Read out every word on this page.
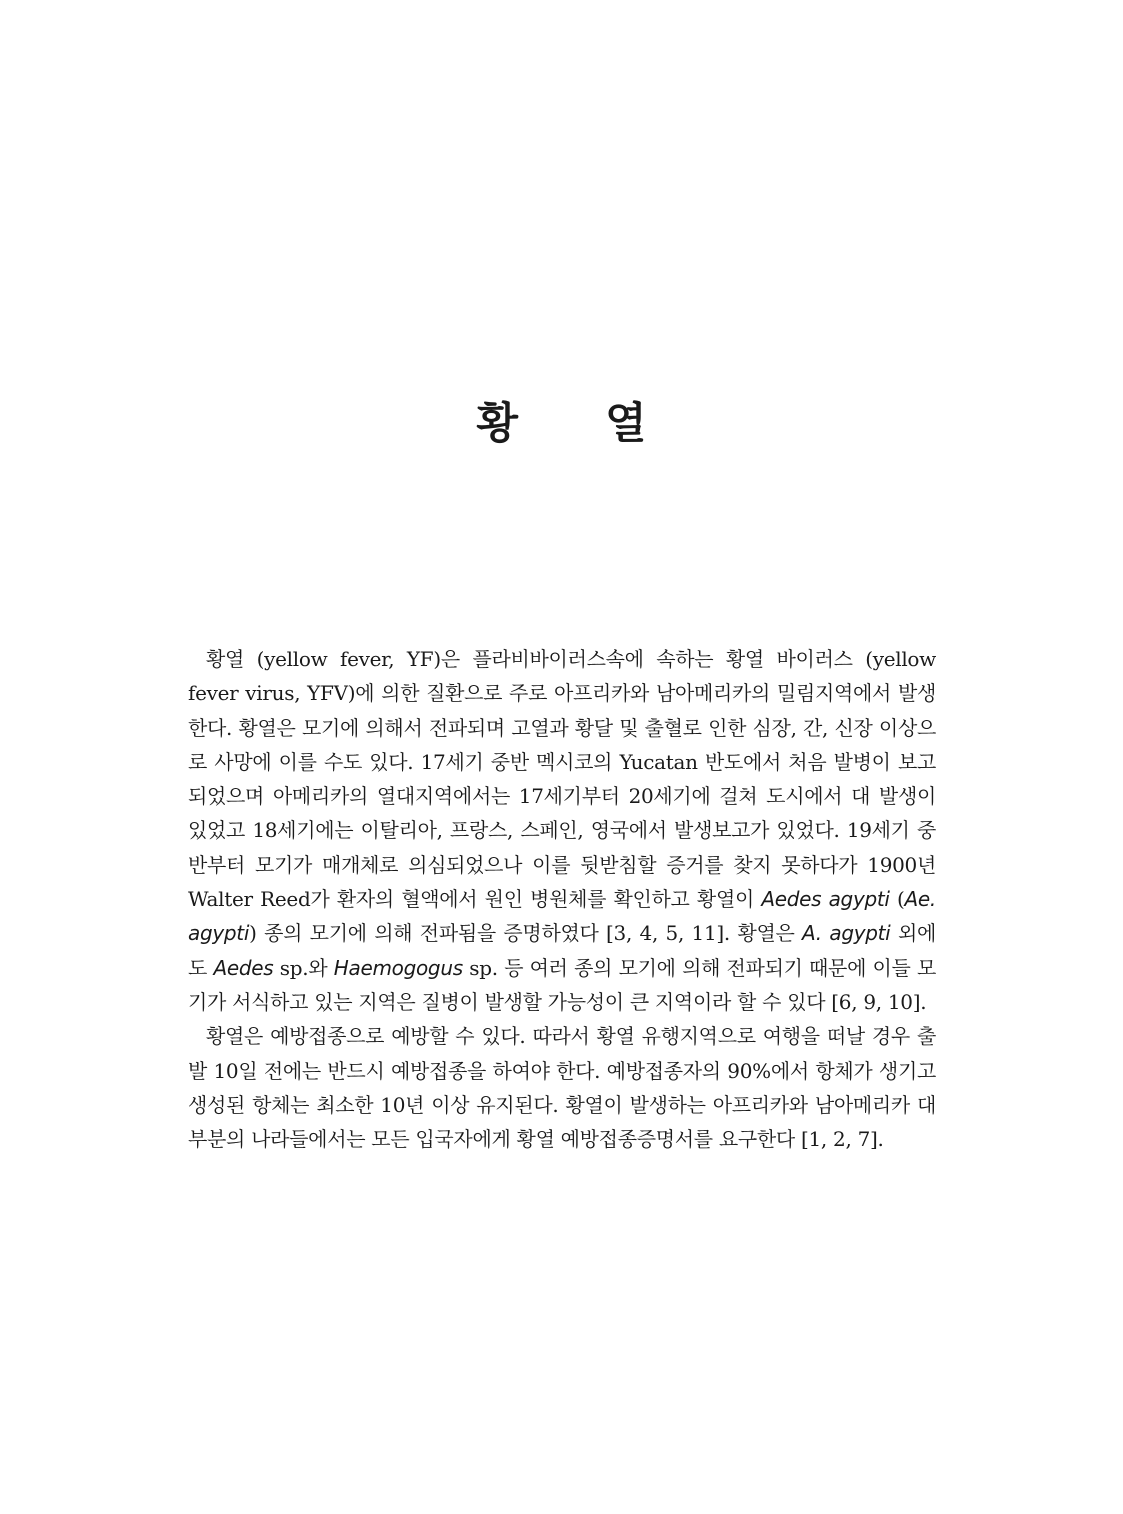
황 열

황열 (yellow fever, YF)은 플라비바이러스속에 속하는 황열 바이러스 (yellow fever virus, YFV)에 의한 질환으로 주로 아프리카와 남아메리카의 밀림지역에서 발생한다. 황열은 모기에 의해서 전파되며 고열과 황달 및 출혈로 인한 심장, 간, 신장 이상으로 사망에 이를 수도 있다. 17세기 중반 멕시코의 Yucatan 반도에서 처음 발병이 보고되었으며 아메리카의 열대지역에서는 17세기부터 20세기에 걸쳐 도시에서 대 발생이 있었고 18세기에는 이탈리아, 프랑스, 스페인, 영국에서 발생보고가 있었다. 19세기 중반부터 모기가 매개체로 의심되었으나 이를 뒷받침할 증거를 찾지 못하다가 1900년 Walter Reed가 환자의 혈액에서 원인 병원체를 확인하고 황열이 Aedes agypti (Ae. agypti) 종의 모기에 의해 전파됨을 증명하였다 [3, 4, 5, 11]. 황열은 A. agypti 외에도 Aedes sp.와 Haemogogus sp. 등 여러 종의 모기에 의해 전파되기 때문에 이들 모기가 서식하고 있는 지역은 질병이 발생할 가능성이 큰 지역이라 할 수 있다 [6, 9, 10].

황열은 예방접종으로 예방할 수 있다. 따라서 황열 유행지역으로 여행을 떠날 경우 출발 10일 전에는 반드시 예방접종을 하여야 한다. 예방접종자의 90%에서 항체가 생기고 생성된 항체는 최소한 10년 이상 유지된다. 황열이 발생하는 아프리카와 남아메리카 대부분의 나라들에서는 모든 입국자에게 황열 예방접종증명서를 요구한다 [1, 2, 7].
